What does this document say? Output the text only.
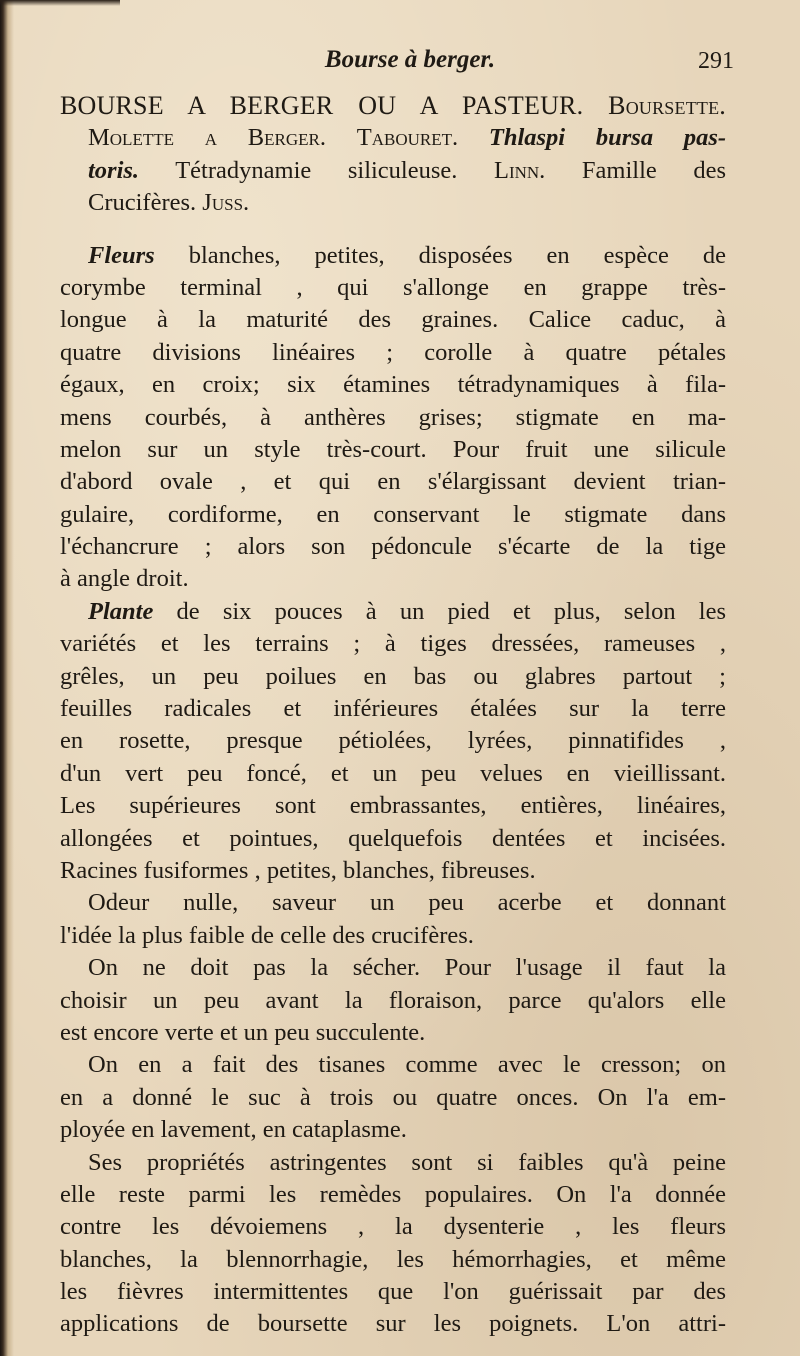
Bourse à berger.	291
BOURSE A BERGER OU A PASTEUR. Boursette.
Molette a Berger. Tabouret. Thlaspi bursa pas-
toris. Tétradynamie siliculeuse. Linn. Famille des
Crucifères. Juss.
Fleurs blanches, petites, disposées en espèce de
corymbe terminal , qui s'allonge en grappe très-
longue à la maturité des graines. Calice caduc, à
quatre divisions linéaires ; corolle à quatre pétales
égaux, en croix; six étamines tétradynamiques à fila-
mens courbés, à anthères grises; stigmate en ma-
melon sur un style très-court. Pour fruit une silicule
d'abord ovale , et qui en s'élargissant devient trian-
gulaire, cordiforme, en conservant le stigmate dans
l'échancrure ; alors son pédoncule s'écarte de la tige
à angle droit.
Plante de six pouces à un pied et plus, selon les
variétés et les terrains ; à tiges dressées, rameuses ,
grêles, un peu poilues en bas ou glabres partout ;
feuilles radicales et inférieures étalées sur la terre
en rosette, presque pétiolées, lyrées, pinnatifides ,
d'un vert peu foncé, et un peu velues en vieillissant.
Les supérieures sont embrassantes, entières, linéaires,
allongées et pointues, quelquefois dentées et incisées.
Racines fusiformes , petites, blanches, fibreuses.
Odeur nulle, saveur un peu acerbe et donnant
l'idée la plus faible de celle des crucifères.
On ne doit pas la sécher. Pour l'usage il faut la
choisir un peu avant la floraison, parce qu'alors elle
est encore verte et un peu succulente.
On en a fait des tisanes comme avec le cresson; on
en a donné le suc à trois ou quatre onces. On l'a em-
ployée en lavement, en cataplasme.
Ses propriétés astringentes sont si faibles qu'à peine
elle reste parmi les remèdes populaires. On l'a donnée
contre les dévoiemens , la dysenterie , les fleurs
blanches, la blennorrhagie, les hémorrhagies, et même
les fièvres intermittentes que l'on guérissait par des
applications de boursette sur les poignets. L'on attri-
